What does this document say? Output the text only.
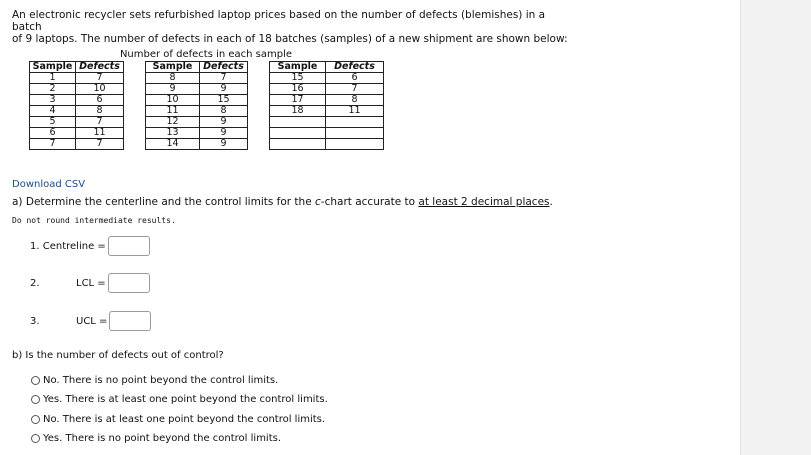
An electronic recycler sets refurbished laptop prices based on the number of defects (blemishes) in a batch
of 9 laptops. The number of defects in each of 18 batches (samples) of a new shipment are shown below:
Number of defects in each sample
Sample	Defects		Sample	Defects		Sample	Defects
1	7		8	7		15	6
2	10		9	9		16	7
3	6		10	15		17	8
4	8		11	8		18	11
5	7		12	9			
6	11		13	9			
7	7		14	9			
Download CSV
a) Determine the centerline and the control limits for the c-chart accurate to at least 2 decimal places.
Do not round intermediate results.
1.
Centreline =
2.	LCL =
3.	UCL =
b) Is the number of defects out of control?
No. There is no point beyond the control limits.
Yes. There is at least one point beyond the control limits.
No. There is at least one point beyond the control limits.
Yes. There is no point beyond the control limits.
